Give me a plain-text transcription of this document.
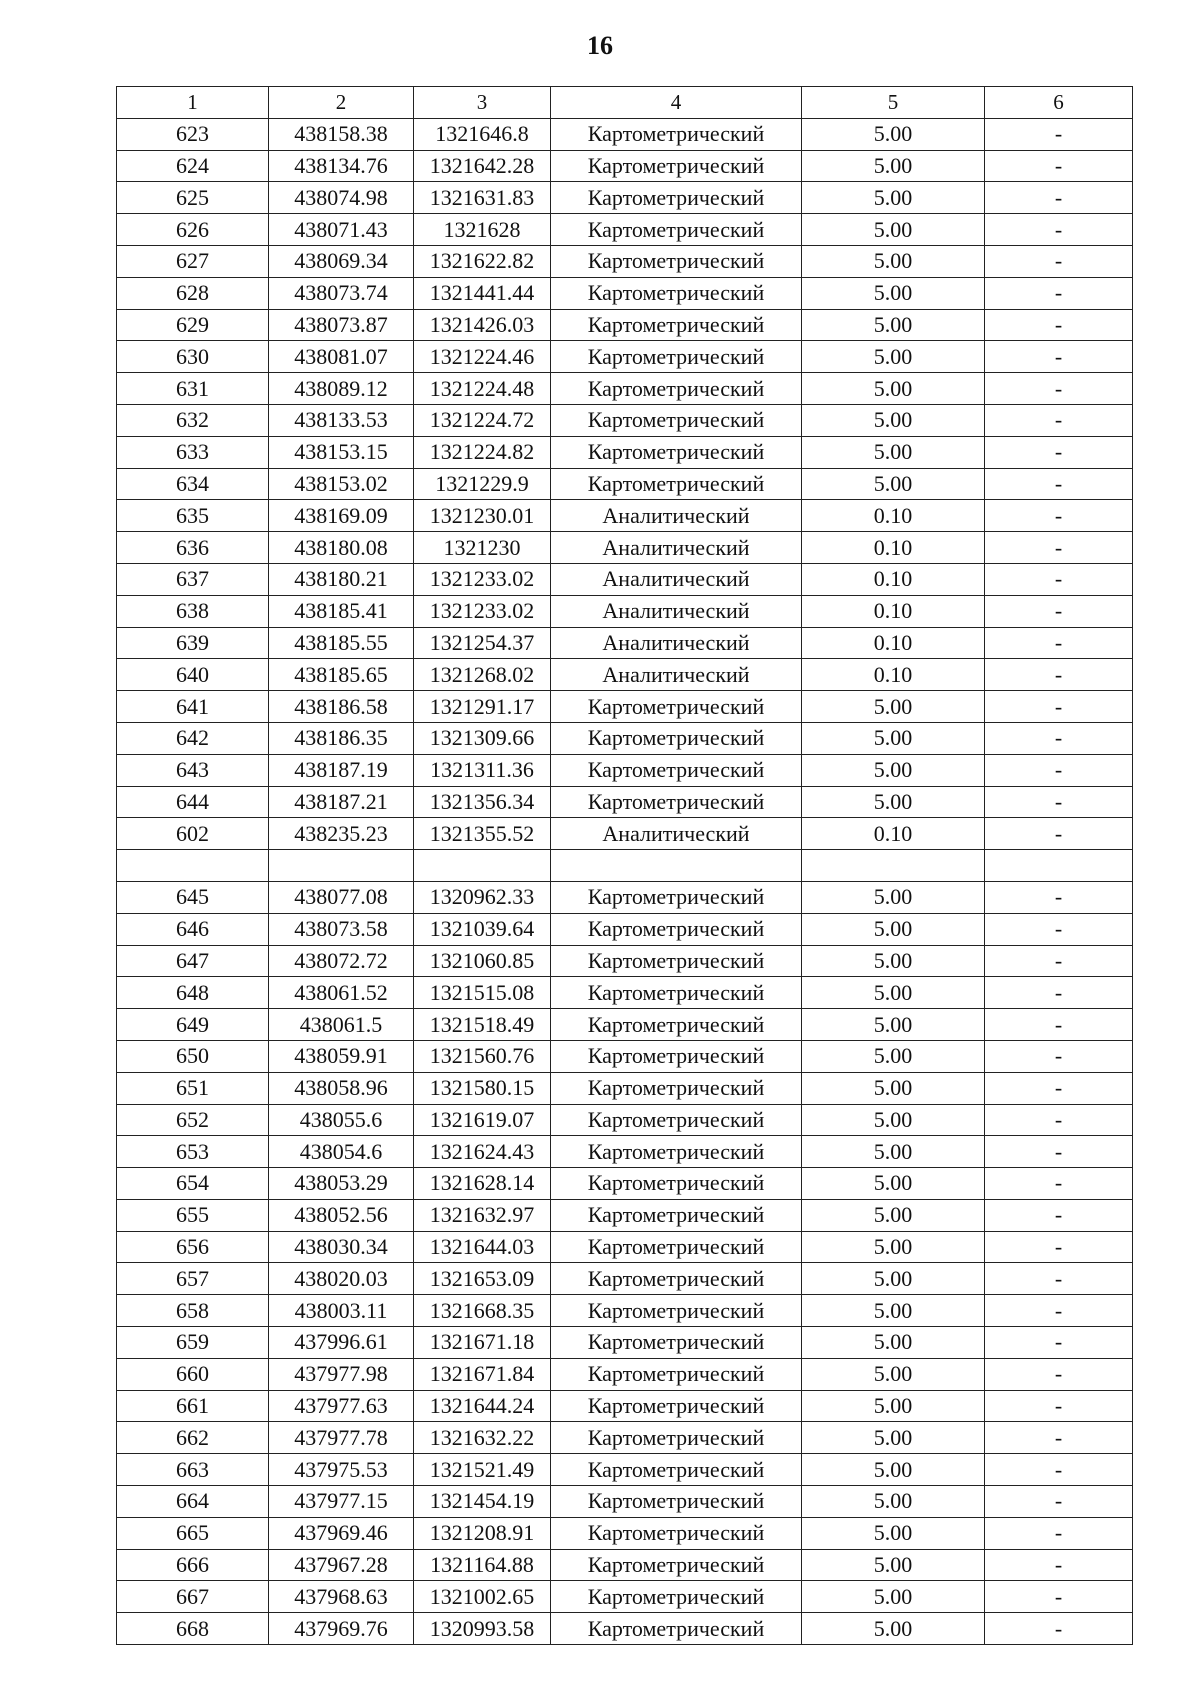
16
1	2	3	4	5	6
623	438158.38	1321646.8	Картометрический	5.00	-
624	438134.76	1321642.28	Картометрический	5.00	-
625	438074.98	1321631.83	Картометрический	5.00	-
626	438071.43	1321628	Картометрический	5.00	-
627	438069.34	1321622.82	Картометрический	5.00	-
628	438073.74	1321441.44	Картометрический	5.00	-
629	438073.87	1321426.03	Картометрический	5.00	-
630	438081.07	1321224.46	Картометрический	5.00	-
631	438089.12	1321224.48	Картометрический	5.00	-
632	438133.53	1321224.72	Картометрический	5.00	-
633	438153.15	1321224.82	Картометрический	5.00	-
634	438153.02	1321229.9	Картометрический	5.00	-
635	438169.09	1321230.01	Аналитический	0.10	-
636	438180.08	1321230	Аналитический	0.10	-
637	438180.21	1321233.02	Аналитический	0.10	-
638	438185.41	1321233.02	Аналитический	0.10	-
639	438185.55	1321254.37	Аналитический	0.10	-
640	438185.65	1321268.02	Аналитический	0.10	-
641	438186.58	1321291.17	Картометрический	5.00	-
642	438186.35	1321309.66	Картометрический	5.00	-
643	438187.19	1321311.36	Картометрический	5.00	-
644	438187.21	1321356.34	Картометрический	5.00	-
602	438235.23	1321355.52	Аналитический	0.10	-

645	438077.08	1320962.33	Картометрический	5.00	-
646	438073.58	1321039.64	Картометрический	5.00	-
647	438072.72	1321060.85	Картометрический	5.00	-
648	438061.52	1321515.08	Картометрический	5.00	-
649	438061.5	1321518.49	Картометрический	5.00	-
650	438059.91	1321560.76	Картометрический	5.00	-
651	438058.96	1321580.15	Картометрический	5.00	-
652	438055.6	1321619.07	Картометрический	5.00	-
653	438054.6	1321624.43	Картометрический	5.00	-
654	438053.29	1321628.14	Картометрический	5.00	-
655	438052.56	1321632.97	Картометрический	5.00	-
656	438030.34	1321644.03	Картометрический	5.00	-
657	438020.03	1321653.09	Картометрический	5.00	-
658	438003.11	1321668.35	Картометрический	5.00	-
659	437996.61	1321671.18	Картометрический	5.00	-
660	437977.98	1321671.84	Картометрический	5.00	-
661	437977.63	1321644.24	Картометрический	5.00	-
662	437977.78	1321632.22	Картометрический	5.00	-
663	437975.53	1321521.49	Картометрический	5.00	-
664	437977.15	1321454.19	Картометрический	5.00	-
665	437969.46	1321208.91	Картометрический	5.00	-
666	437967.28	1321164.88	Картометрический	5.00	-
667	437968.63	1321002.65	Картометрический	5.00	-
668	437969.76	1320993.58	Картометрический	5.00	-
